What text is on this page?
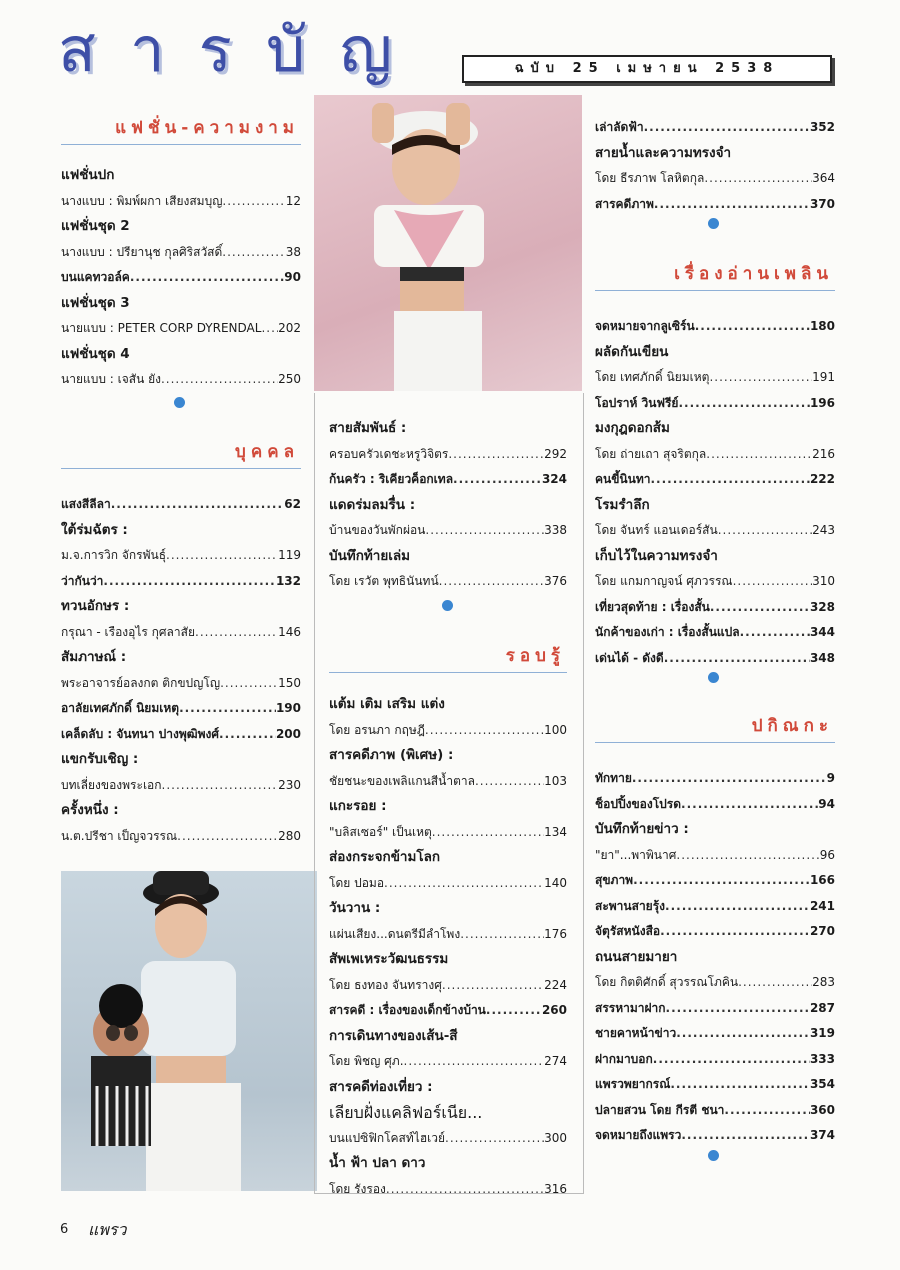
สารบัญ	ฉบับ 25 เมษายน 2538
แฟชั่น-ความงาม
แฟชั่นปก
นางแบบ : พิมพ์ผกา เสียงสมบุญ .....	12
แฟชั่นชุด 2
นางแบบ : ปรียานุช กุลศิริสวัสดิ์ .....	38
บนแคทวอล์ค .....	90
แฟชั่นชุด 3
นายแบบ : PETER CORP DYRENDAL ..... 202
แฟชั่นชุด 4
นายแบบ : เจสัน ยัง .....	250
บุคคล
แสงสีลีลา .....	62
ใต้ร่มฉัตร :
ม.จ.การวิก จักรพันธุ์ .....	119
ว่ากันว่า .....	132
ทวนอักษร :
กรุณา - เรืองอุไร กุศลาสัย .....	146
สัมภาษณ์ :
พระอาจารย์อลงกต ติกขปญโญ .....	150
อาลัยเทศภักดิ์ นิยมเหตุ .....	190
เคล็ดลับ : จันทนา ปางพุฒิพงศ์ .....	200
แขกรับเชิญ :
บทเลี่ยงของพระเอก .....	230
ครั้งหนึ่ง :
น.ต.ปรีชา เป็ญจวรรณ .....	280
สายสัมพันธ์ :
ครอบครัวเดชะหรูวิจิตร .....	292
ก้นครัว : ริเคียวค็อกเทล .....	324
แดดร่มลมรื่น :
บ้านของวันพักผ่อน .....	338
บันทึกท้ายเล่ม
โดย เรวัต พุทธินันทน์ .....	376
รอบรู้
แต้ม เติม เสริม แต่ง
โดย อรนภา กฤษฎี .....	100
สารคดีภาพ (พิเศษ) :
ชัยชนะของเพลิแกนสีน้ำตาล .....	103
แกะรอย :
"บลิสเซอร์" เป็นเหตุ .....	134
ส่องกระจกข้ามโลก
โดย ปอมอ .....	140
วันวาน :
แผ่นเสียง...ดนตรีมีลำโพง .....	176
สัพเพเหระวัฒนธรรม
โดย ธงทอง จันทรางศุ .....	224
สารคดี : เรื่องของเด็กข้างบ้าน .....	260
การเดินทางของเส้น-สี
โดย พิชญ ศุภ. .....	274
สารคดีท่องเที่ยว :
เลียบฝั่งแคลิฟอร์เนีย...
บนแปซิฟิกโคสท์ไฮเวย์ .....	300
น้ำ ฟ้า ปลา ดาว
โดย รังรอง .....	316
เล่าลัดฟ้า .....	352
สายน้ำและความทรงจำ
โดย ธีรภาพ โลหิตกุล .....	364
สารคดีภาพ .....	370
เรื่องอ่านเพลิน
จดหมายจากลูเซิร์น .....	180
ผลัดกันเขียน
โดย เทศภักดิ์ นิยมเหตุ .....	191
โอปราห์ วินฟรีย์ .....	196
มงกุฎดอกส้ม
โดย ถ่ายเถา สุจริตกุล .....	216
คนขี้นินทา .....	222
โรมรำลึก
โดย จันทร์ แอนเดอร์สัน .....	243
เก็บไว้ในความทรงจำ
โดย แกมกาญจน์ ศุภวรรณ .....	310
เที่ยวสุดท้าย : เรื่องสั้น .....	328
นักค้าของเก่า : เรื่องสั้นแปล .....	344
เด่นได้ - ดังดี .....	348
ปกิณกะ
ทักทาย .....	9
ช็อปปิ้งของโปรด .....	94
บันทึกท้ายข่าว :
"ยา"...พาพินาศ .....	96
สุขภาพ .....	166
สะพานสายรุ้ง .....	241
จัตุรัสหนังสือ .....	270
ถนนสายมายา
โดย กิตติศักดิ์ สุวรรณโภคิน .....	283
สรรหามาฝาก .....	287
ชายคาหน้าข่าว .....	319
ฝากมาบอก .....	333
แพรวพยากรณ์ .....	354
ปลายสวน โดย กีรตี ชนา .....	360
จดหมายถึงแพรว .....	374
6 แพรว
